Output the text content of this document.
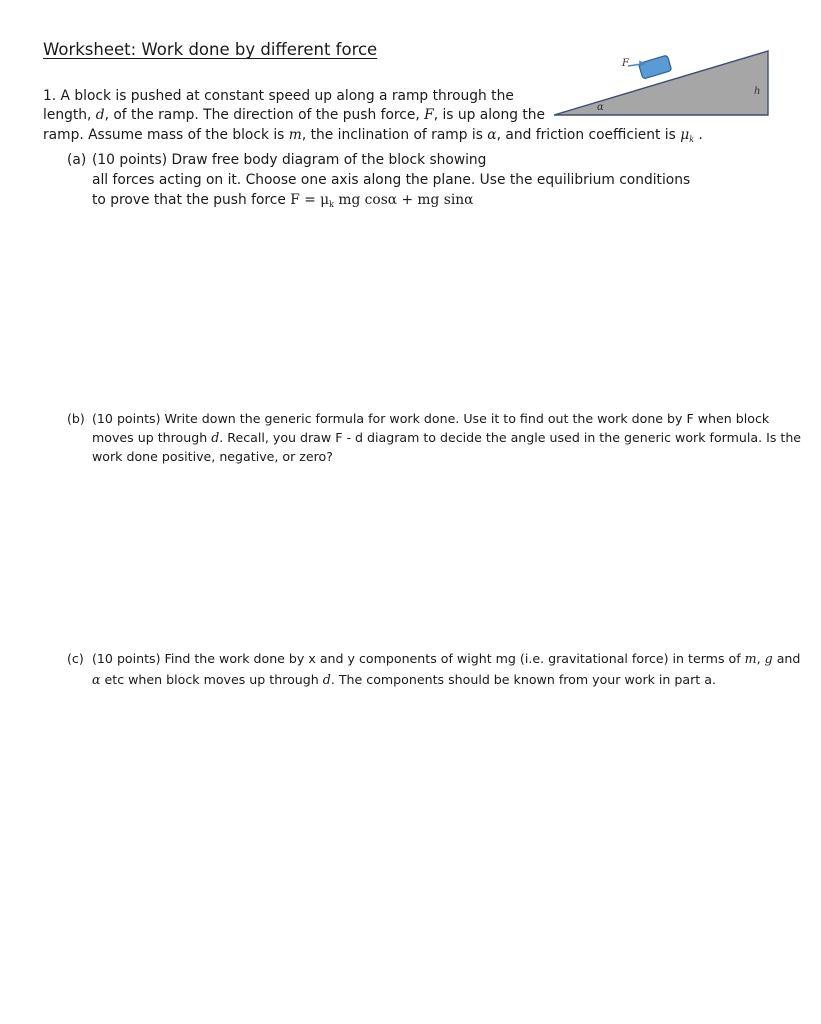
Worksheet: Work done by different force
F
h
α
1. A block is pushed at constant speed up along a ramp through the
length, d, of the ramp. The direction of the push force, F, is up along the
ramp. Assume mass of the block is m, the inclination of ramp is α, and friction coefficient is $\mu_k$ .
(a) (10 points) Draw free body diagram of the block showing
all forces acting on it. Choose one axis along the plane. Use the equilibrium conditions
to prove that the push force $F = \mu_k$ mg cosα + mg sinα
(b) (10 points) Write down the generic formula for work done. Use it to find out the work done by F when block
moves up through d. Recall, you draw F - d diagram to decide the angle used in the generic work formula. Is the
work done positive, negative, or zero?
(c) (10 points) Find the work done by x and y components of wight mg (i.e. gravitational force) in terms of m, g and
α etc when block moves up through d. The components should be known from your work in part a.
